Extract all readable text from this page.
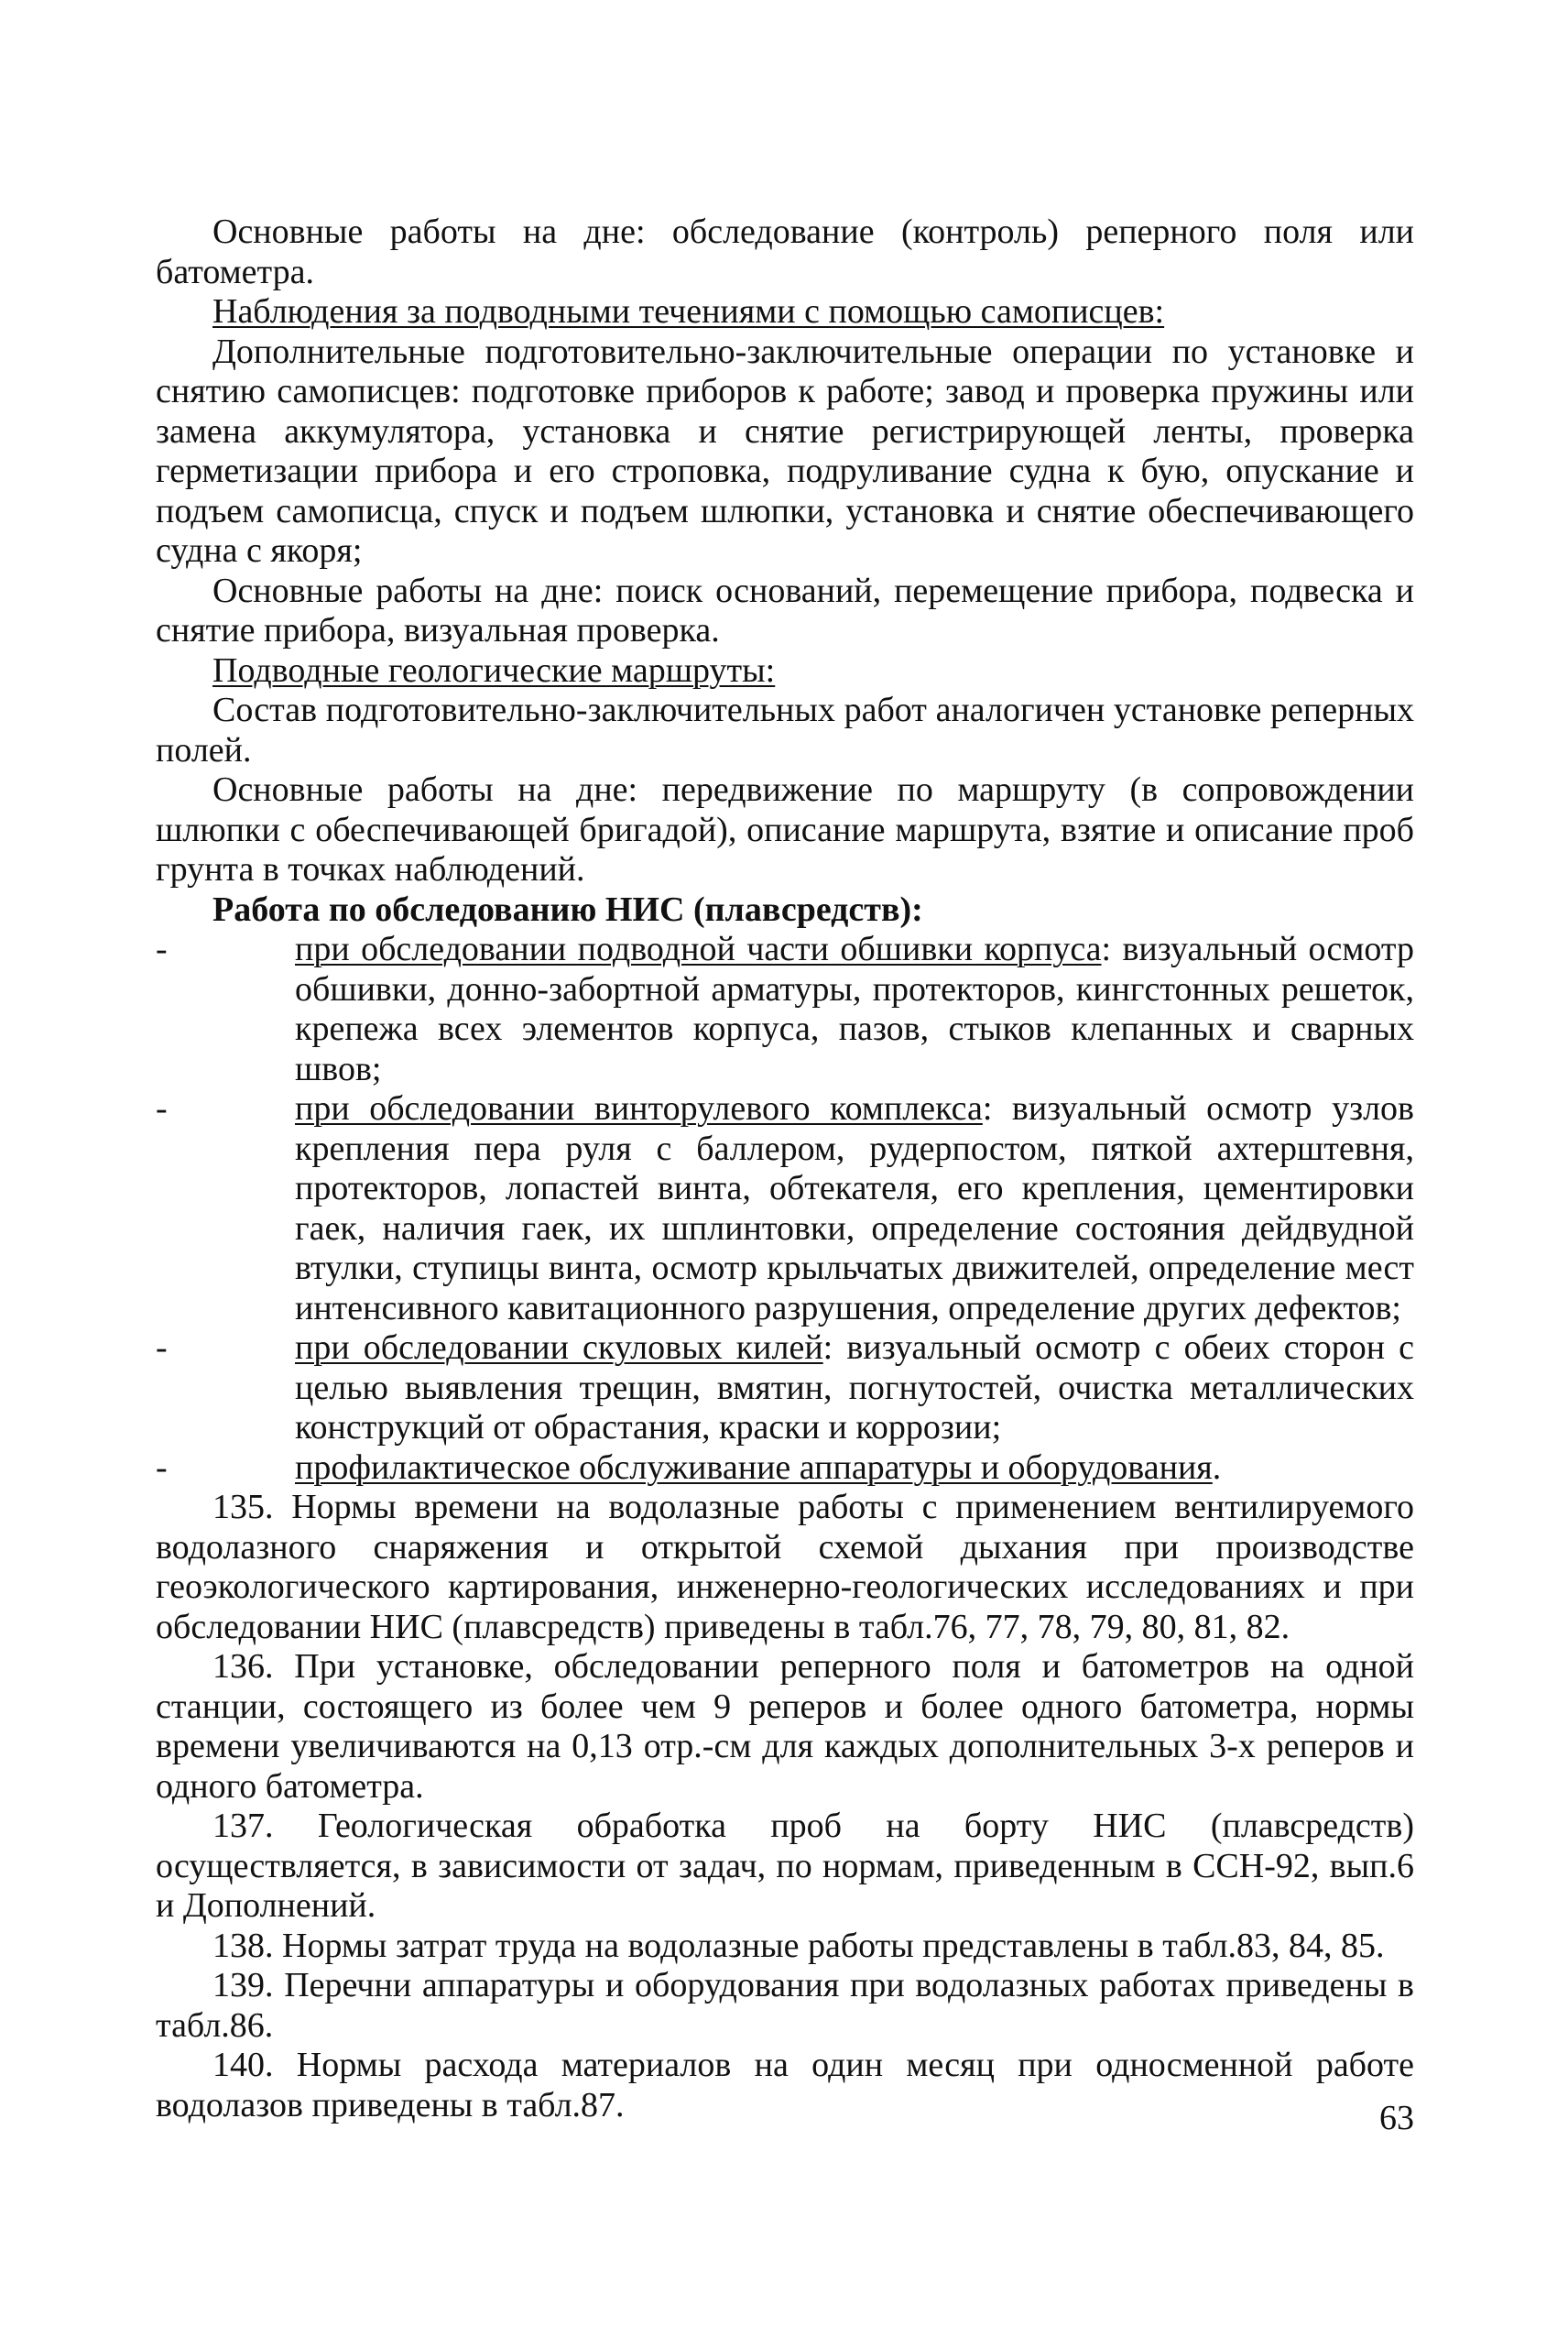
Основные работы на дне: обследование (контроль) реперного поля или батометра.

Наблюдения за подводными течениями с помощью самописцев:

Дополнительные подготовительно-заключительные операции по установке и снятию самописцев: подготовке приборов к работе; завод и проверка пружины или замена аккумулятора, установка и снятие регистрирующей ленты, проверка герметизации прибора и его строповка, подруливание судна к бую, опускание и подъем самописца, спуск и подъем шлюпки, установка и снятие обеспечивающего судна с якоря;

Основные работы на дне: поиск оснований, перемещение прибора, подвеска и снятие прибора, визуальная проверка.

Подводные геологические маршруты:

Состав подготовительно-заключительных работ аналогичен установке реперных полей.

Основные работы на дне: передвижение по маршруту (в сопровождении шлюпки с обеспечивающей бригадой), описание маршрута, взятие и описание проб грунта в точках наблюдений.

Работа по обследованию НИС (плавсредств):

-	при обследовании подводной части обшивки корпуса: визуальный осмотр обшивки, донно-забортной арматуры, протекторов, кингстонных решеток, крепежа всех элементов корпуса, пазов, стыков клепанных и сварных швов;
-	при обследовании винторулевого комплекса: визуальный осмотр узлов крепления пера руля с баллером, рудерпостом, пяткой ахтерштевня, протекторов, лопастей винта, обтекателя, его крепления, цементировки гаек, наличия гаек, их шплинтовки, определение состояния дейдвудной втулки, ступицы винта, осмотр крыльчатых движителей, определение мест интенсивного кавитационного разрушения, определение других дефектов;
-	при обследовании скуловых килей: визуальный осмотр с обеих сторон с целью выявления трещин, вмятин, погнутостей, очистка металлических конструкций от обрастания, краски и коррозии;
-	профилактическое обслуживание аппаратуры и оборудования.

135. Нормы времени на водолазные работы с применением вентилируемого водолазного снаряжения и открытой схемой дыхания при производстве геоэкологического картирования, инженерно-геологических исследованиях и при обследовании НИС (плавсредств) приведены в табл.76, 77, 78, 79, 80, 81, 82.

136. При установке, обследовании реперного поля и батометров на одной станции, состоящего из более чем 9 реперов и более одного батометра, нормы времени увеличиваются на 0,13 отр.-см для каждых дополнительных 3-х реперов и одного батометра.

137. Геологическая обработка проб на борту НИС (плавсредств) осуществляется, в зависимости от задач, по нормам, приведенным в ССН-92, вып.6 и Дополнений.

138. Нормы затрат труда на водолазные работы представлены в табл.83, 84, 85.

139. Перечни аппаратуры и оборудования при водолазных работах приведены в табл.86.

140. Нормы расхода материалов на один месяц при односменной работе водолазов приведены в табл.87.	63
